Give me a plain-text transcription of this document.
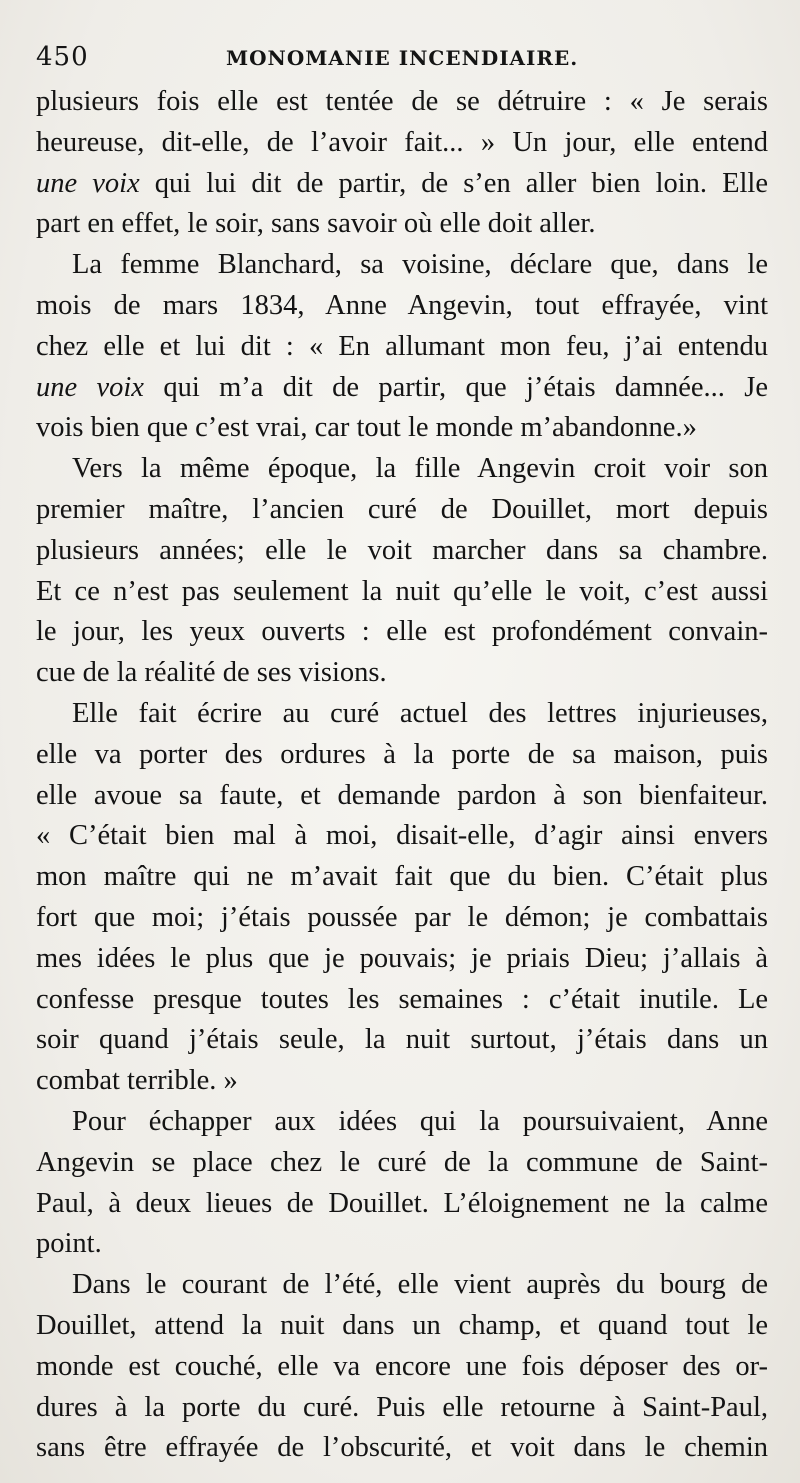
450	MONOMANIE INCENDIAIRE.
plusieurs fois elle est tentée de se détruire : « Je serais
heureuse, dit-elle, de l’avoir fait... » Un jour, elle entend
une voix qui lui dit de partir, de s’en aller bien loin. Elle
part en effet, le soir, sans savoir où elle doit aller.
La femme Blanchard, sa voisine, déclare que, dans le
mois de mars 1834, Anne Angevin, tout effrayée, vint
chez elle et lui dit : « En allumant mon feu, j’ai entendu
une voix qui m’a dit de partir, que j’étais damnée... Je
vois bien que c’est vrai, car tout le monde m’abandonne.»
Vers la même époque, la fille Angevin croit voir son
premier maître, l’ancien curé de Douillet, mort depuis
plusieurs années; elle le voit marcher dans sa chambre.
Et ce n’est pas seulement la nuit qu’elle le voit, c’est aussi
le jour, les yeux ouverts : elle est profondément convain-
cue de la réalité de ses visions.
Elle fait écrire au curé actuel des lettres injurieuses,
elle va porter des ordures à la porte de sa maison, puis
elle avoue sa faute, et demande pardon à son bienfaiteur.
« C’était bien mal à moi, disait-elle, d’agir ainsi envers
mon maître qui ne m’avait fait que du bien. C’était plus
fort que moi; j’étais poussée par le démon; je combattais
mes idées le plus que je pouvais; je priais Dieu; j’allais à
confesse presque toutes les semaines : c’était inutile. Le
soir quand j’étais seule, la nuit surtout, j’étais dans un
combat terrible. »
Pour échapper aux idées qui la poursuivaient, Anne
Angevin se place chez le curé de la commune de Saint-
Paul, à deux lieues de Douillet. L’éloignement ne la calme
point.
Dans le courant de l’été, elle vient auprès du bourg de
Douillet, attend la nuit dans un champ, et quand tout le
monde est couché, elle va encore une fois déposer des or-
dures à la porte du curé. Puis elle retourne à Saint-Paul,
sans être effrayée de l’obscurité, et voit dans le chemin
